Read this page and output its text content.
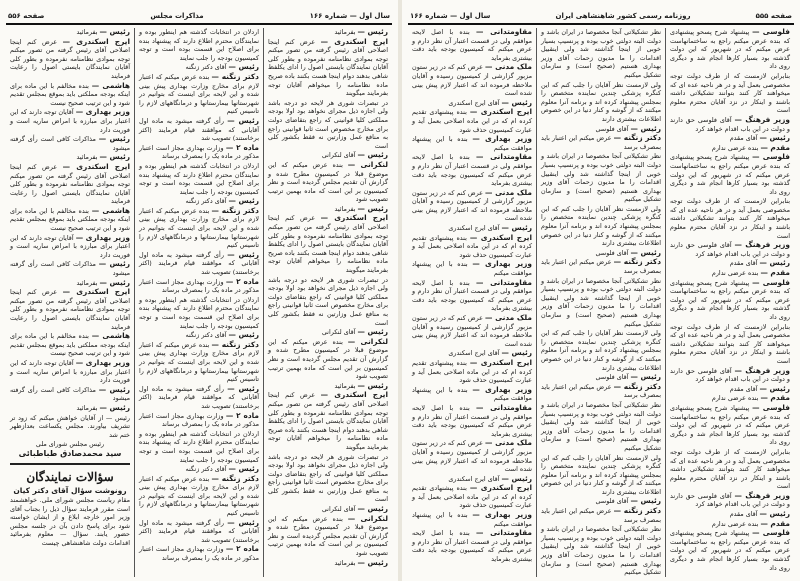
سال اول — شماره ۱۶۶
مذاکرات مجلس
صفحه ۵۵۶

رئیس — بفرمائید

ایرج اسکندری — عرض کنم اینجا اصلاحی آقای رئیس گرفته من تصور میکنم توجه بموادی نظامنامه نفرموده و بطور کلی آقایان نمایندگان بایستی اصول را ادای یکلفظ شاهی بدهند دوام اینجا هست بکنند باده صریح ماده نظامنامه را میخواهم آقایان توجه بفرمایند میگویند

در تبصرات شوری هر لایحه دو درجه باشد ولی اجازه ذیل مجرای نخواهد بود اولا بودجه مملکتی کلیا قوانینی که راجع بتقاضای دولت برای مخارج مخصوص است ثانیا قوانینی راجع به منافع عمل وزارتین نه فقط بکشور کلی است

رئیس — آقای لنکرانی

لنکرانی — بنده عرض میکنم که این موضوع قبلا در کمیسیون مطرح شده و گزارش آن تقدیم مجلس گردیده است و نظر کمیسیون بر این است که ماده بهمین ترتیب تصویب شود

رئیس — بفرمائید

ایرج اسکندری — عرض کنم اینجا اصلاحی آقای رئیس گرفته من تصور میکنم توجه بموادی نظامنامه نفرموده و بطور کلی آقایان نمایندگان بایستی اصول را ادای یکلفظ شاهی بدهند دوام اینجا هست بکنند باده صریح ماده نظامنامه را میخواهم آقایان توجه بفرمایند میگویند

در تبصرات شوری هر لایحه دو درجه باشد ولی اجازه ذیل مجرای نخواهد بود اولا بودجه مملکتی کلیا قوانینی که راجع بتقاضای دولت برای مخارج مخصوص است ثانیا قوانینی راجع به منافع عمل وزارتین نه فقط بکشور کلی است

رئیس — آقای لنکرانی

لنکرانی — بنده عرض میکنم که این موضوع قبلا در کمیسیون مطرح شده و گزارش آن تقدیم مجلس گردیده است و نظر کمیسیون بر این است که ماده بهمین ترتیب تصویب شود

رئیس — بفرمائید

ایرج اسکندری — عرض کنم اینجا اصلاحی آقای رئیس گرفته من تصور میکنم توجه بموادی نظامنامه نفرموده و بطور کلی آقایان نمایندگان بایستی اصول را ادای یکلفظ شاهی بدهند دوام اینجا هست بکنند باده صریح ماده نظامنامه را میخواهم آقایان توجه بفرمایند میگویند

در تبصرات شوری هر لایحه دو درجه باشد ولی اجازه ذیل مجرای نخواهد بود اولا بودجه مملکتی کلیا قوانینی که راجع بتقاضای دولت برای مخارج مخصوص است ثانیا قوانینی راجع به منافع عمل وزارتین نه فقط بکشور کلی است

رئیس — آقای لنکرانی

لنکرانی — بنده عرض میکنم که این موضوع قبلا در کمیسیون مطرح شده و گزارش آن تقدیم مجلس گردیده است و نظر کمیسیون بر این است که ماده بهمین ترتیب تصویب شود

رئیس — بفرمائید

اردلان در انتخابات گذشته هم اینطور بوده و نمایندگان محترم اطلاع دارند که پیشنهاد بنده برای اصلاح این قسمت بوده است و توجه کمیسیون بودجه را جلب نمایند

رئیس — آقای دکتر زنگنه

دکتر زنگنه — بنده عرض میکنم که اعتبار لازم برای مخارج وزارت بهداری پیش بینی شده و این لایحه برای اینست که بتوانیم در شهرستانها بیمارستانها و درمانگاههای لازم را تاسیس کنیم

رئیس — رأی گرفته میشود به ماده اول آقایانی که موافقند قیام فرمایند (اکثر برخاستند) تصویب شد

ماده ۲ — وزارت بهداری مجاز است اعتبار مذکور در ماده یک را بمصرف برساند

اردلان در انتخابات گذشته هم اینطور بوده و نمایندگان محترم اطلاع دارند که پیشنهاد بنده برای اصلاح این قسمت بوده است و توجه کمیسیون بودجه را جلب نمایند

رئیس — آقای دکتر زنگنه

دکتر زنگنه — بنده عرض میکنم که اعتبار لازم برای مخارج وزارت بهداری پیش بینی شده و این لایحه برای اینست که بتوانیم در شهرستانها بیمارستانها و درمانگاههای لازم را تاسیس کنیم

رئیس — رأی گرفته میشود به ماده اول آقایانی که موافقند قیام فرمایند (اکثر برخاستند) تصویب شد

ماده ۲ — وزارت بهداری مجاز است اعتبار مذکور در ماده یک را بمصرف برساند

اردلان در انتخابات گذشته هم اینطور بوده و نمایندگان محترم اطلاع دارند که پیشنهاد بنده برای اصلاح این قسمت بوده است و توجه کمیسیون بودجه را جلب نمایند

رئیس — آقای دکتر زنگنه

دکتر زنگنه — بنده عرض میکنم که اعتبار لازم برای مخارج وزارت بهداری پیش بینی شده و این لایحه برای اینست که بتوانیم در شهرستانها بیمارستانها و درمانگاههای لازم را تاسیس کنیم

رئیس — رأی گرفته میشود به ماده اول آقایانی که موافقند قیام فرمایند (اکثر برخاستند) تصویب شد

ماده ۲ — وزارت بهداری مجاز است اعتبار مذکور در ماده یک را بمصرف برساند

اردلان در انتخابات گذشته هم اینطور بوده و نمایندگان محترم اطلاع دارند که پیشنهاد بنده برای اصلاح این قسمت بوده است و توجه کمیسیون بودجه را جلب نمایند

رئیس — آقای دکتر زنگنه

دکتر زنگنه — بنده عرض میکنم که اعتبار لازم برای مخارج وزارت بهداری پیش بینی شده و این لایحه برای اینست که بتوانیم در شهرستانها بیمارستانها و درمانگاههای لازم را تاسیس کنیم

رئیس — رأی گرفته میشود به ماده اول آقایانی که موافقند قیام فرمایند (اکثر برخاستند) تصویب شد

ماده ۲ — وزارت بهداری مجاز است اعتبار مذکور در ماده یک را بمصرف برساند

رئیس — بفرمائید

ایرج اسکندری — عرض کنم اینجا اصلاحی آقای رئیس گرفته من تصور میکنم توجه بموادی نظامنامه نفرموده و بطور کلی آقایان نمایندگان بایستی اصول را رعایت فرمایند

هاشمی — بنده مخالفم با این ماده برای اینکه بودجه مملکتی باید بموقع بمجلس تقدیم شود و این ترتیب صحیح نیست

وزیر بهداری — آقایان توجه دارند که این اعتبار برای مبارزه با امراض ساریه است و فوریت دارد

رئیس — مذاکرات کافی است رأی گرفته میشود

رئیس — بفرمائید

ایرج اسکندری — عرض کنم اینجا اصلاحی آقای رئیس گرفته من تصور میکنم توجه بموادی نظامنامه نفرموده و بطور کلی آقایان نمایندگان بایستی اصول را رعایت فرمایند

هاشمی — بنده مخالفم با این ماده برای اینکه بودجه مملکتی باید بموقع بمجلس تقدیم شود و این ترتیب صحیح نیست

وزیر بهداری — آقایان توجه دارند که این اعتبار برای مبارزه با امراض ساریه است و فوریت دارد

رئیس — مذاکرات کافی است رأی گرفته میشود

رئیس — بفرمائید

ایرج اسکندری — عرض کنم اینجا اصلاحی آقای رئیس گرفته من تصور میکنم توجه بموادی نظامنامه نفرموده و بطور کلی آقایان نمایندگان بایستی اصول را رعایت فرمایند

هاشمی — بنده مخالفم با این ماده برای اینکه بودجه مملکتی باید بموقع بمجلس تقدیم شود و این ترتیب صحیح نیست

وزیر بهداری — آقایان توجه دارند که این اعتبار برای مبارزه با امراض ساریه است و فوریت دارد

رئیس — مذاکرات کافی است رأی گرفته میشود

رئیس — بفرمائید

رئیس — از آقایان خواهش میکنم که زود تر تشریف بیاورند. مجلس یکساعت بعدازظهر ختم شد

رئیس مجلس شورای ملی

سید محمدصادق طباطبائی

سؤالات نمایندگان

رونوشت سؤال آقای دکتر کیان

مقام ریاست مجلس شورای ملی. خواهشمند است مقرر فرمایند سؤال ذیل را بجناب آقای وزیر امور خارجه ابلاغ و از ایشان خواسته شود برای پاسخ دادن بآن در جلسه مجلس حضور یابند. سؤال — معلوم بفرمائید اقدامات دولت شاهنشاهی چیست

صفحه ۵۵۵
روزنامه رسمی کشور شاهنشاهی ایران
سال اول — شماره ۱۶۶

فلوسی — پیشنهاد شرح پسحو پیشنهادی که بنده عرض میکنم راجع به ساختمانهاست عرض میکنم که در شهریور که این دولت گذشته بود بسیار کارها انجام شد و دیگری روی داد

بنابراین لازمست که از طرف دولت توجه مخصوصی بعمل آید و در هر ناحیه عده ای که میخواهند کار کنند بتوانند تشکیلاتی داشته باشند و اینکار در نزد آقایان محترم معلوم است

وزیر فرهنگ — آقای فلوسی حق دارند و دولت در این باب اقدام خواهد کرد

رئیس — آقای مقدم

مقدم — بنده عرضی ندارم

فلوسی — پیشنهاد شرح پسحو پیشنهادی که بنده عرض میکنم راجع به ساختمانهاست عرض میکنم که در شهریور که این دولت گذشته بود بسیار کارها انجام شد و دیگری روی داد

بنابراین لازمست که از طرف دولت توجه مخصوصی بعمل آید و در هر ناحیه عده ای که میخواهند کار کنند بتوانند تشکیلاتی داشته باشند و اینکار در نزد آقایان محترم معلوم است

وزیر فرهنگ — آقای فلوسی حق دارند و دولت در این باب اقدام خواهد کرد

رئیس — آقای مقدم

مقدم — بنده عرضی ندارم

فلوسی — پیشنهاد شرح پسحو پیشنهادی که بنده عرض میکنم راجع به ساختمانهاست عرض میکنم که در شهریور که این دولت گذشته بود بسیار کارها انجام شد و دیگری روی داد

بنابراین لازمست که از طرف دولت توجه مخصوصی بعمل آید و در هر ناحیه عده ای که میخواهند کار کنند بتوانند تشکیلاتی داشته باشند و اینکار در نزد آقایان محترم معلوم است

وزیر فرهنگ — آقای فلوسی حق دارند و دولت در این باب اقدام خواهد کرد

رئیس — آقای مقدم

مقدم — بنده عرضی ندارم

فلوسی — پیشنهاد شرح پسحو پیشنهادی که بنده عرض میکنم راجع به ساختمانهاست عرض میکنم که در شهریور که این دولت گذشته بود بسیار کارها انجام شد و دیگری روی داد

بنابراین لازمست که از طرف دولت توجه مخصوصی بعمل آید و در هر ناحیه عده ای که میخواهند کار کنند بتوانند تشکیلاتی داشته باشند و اینکار در نزد آقایان محترم معلوم است

وزیر فرهنگ — آقای فلوسی حق دارند و دولت در این باب اقدام خواهد کرد

رئیس — آقای مقدم

مقدم — بنده عرضی ندارم

فلوسی — پیشنهاد شرح پسحو پیشنهادی که بنده عرض میکنم راجع به ساختمانهاست عرض میکنم که در شهریور که این دولت گذشته بود بسیار کارها انجام شد و دیگری روی داد

نظر تشکیلاتی آنجا مخصوصا در ایران باشد و دولت البته دولتی خوب بوده و پرنسیپ بسیار خوبی از اینجا گذاشته شد ولی اینقبیل اقدامات را ما مدیون زحمات آقای وزیر بهداری هستیم (صحیح است) و سازمان تشکیل میکنیم

ولی لازمست نظر آقایان را جلب کنم که این کنگره پزشکی چندین نماینده متخصص را بمجلس پیشنهاد کرده اند و برنامه آنرا معلوم میکنند که از گوشه و کنار دنیا در این خصوص اطلاعات بیشتری دارند

رئیس — آقای فلوسی

دکتر زنگنه — عرض میکنم این اعتبار باید بمصرف برسد

نظر تشکیلاتی آنجا مخصوصا در ایران باشد و دولت البته دولتی خوب بوده و پرنسیپ بسیار خوبی از اینجا گذاشته شد ولی اینقبیل اقدامات را ما مدیون زحمات آقای وزیر بهداری هستیم (صحیح است) و سازمان تشکیل میکنیم

ولی لازمست نظر آقایان را جلب کنم که این کنگره پزشکی چندین نماینده متخصص را بمجلس پیشنهاد کرده اند و برنامه آنرا معلوم میکنند که از گوشه و کنار دنیا در این خصوص اطلاعات بیشتری دارند

رئیس — آقای فلوسی

دکتر زنگنه — عرض میکنم این اعتبار باید بمصرف برسد

نظر تشکیلاتی آنجا مخصوصا در ایران باشد و دولت البته دولتی خوب بوده و پرنسیپ بسیار خوبی از اینجا گذاشته شد ولی اینقبیل اقدامات را ما مدیون زحمات آقای وزیر بهداری هستیم (صحیح است) و سازمان تشکیل میکنیم

ولی لازمست نظر آقایان را جلب کنم که این کنگره پزشکی چندین نماینده متخصص را بمجلس پیشنهاد کرده اند و برنامه آنرا معلوم میکنند که از گوشه و کنار دنیا در این خصوص اطلاعات بیشتری دارند

رئیس — آقای فلوسی

دکتر زنگنه — عرض میکنم این اعتبار باید بمصرف برسد

نظر تشکیلاتی آنجا مخصوصا در ایران باشد و دولت البته دولتی خوب بوده و پرنسیپ بسیار خوبی از اینجا گذاشته شد ولی اینقبیل اقدامات را ما مدیون زحمات آقای وزیر بهداری هستیم (صحیح است) و سازمان تشکیل میکنیم

ولی لازمست نظر آقایان را جلب کنم که این کنگره پزشکی چندین نماینده متخصص را بمجلس پیشنهاد کرده اند و برنامه آنرا معلوم میکنند که از گوشه و کنار دنیا در این خصوص اطلاعات بیشتری دارند

رئیس — آقای فلوسی

دکتر زنگنه — عرض میکنم این اعتبار باید بمصرف برسد

نظر تشکیلاتی آنجا مخصوصا در ایران باشد و دولت البته دولتی خوب بوده و پرنسیپ بسیار خوبی از اینجا گذاشته شد ولی اینقبیل اقدامات را ما مدیون زحمات آقای وزیر بهداری هستیم (صحیح است) و سازمان تشکیل میکنیم

مقاومتدانی — بنده با اصل لایحه موافقم ولی در قسمت اعتبار آن نظر دارم و عرض میکنم که کمیسیون بودجه باید دقت بیشتری بفرماید

ملک مدنی — عرض کنم که در زیر ستون مزبور گزارشی از کمیسیون رسیده و آقایان ملاحظه فرموده اند که اعتبار لازم پیش بینی شده است

رئیس — آقای ایرج اسکندری

ایرج اسکندری — بنده پیشنهادی تقدیم کرده ام که در این ماده اصلاحی بعمل آید و عبارت کمیسیون حذف شود

وزیر بهداری — بنده با این پیشنهاد موافقت میکنم

مقاومتدانی — بنده با اصل لایحه موافقم ولی در قسمت اعتبار آن نظر دارم و عرض میکنم که کمیسیون بودجه باید دقت بیشتری بفرماید

ملک مدنی — عرض کنم که در زیر ستون مزبور گزارشی از کمیسیون رسیده و آقایان ملاحظه فرموده اند که اعتبار لازم پیش بینی شده است

رئیس — آقای ایرج اسکندری

ایرج اسکندری — بنده پیشنهادی تقدیم کرده ام که در این ماده اصلاحی بعمل آید و عبارت کمیسیون حذف شود

وزیر بهداری — بنده با این پیشنهاد موافقت میکنم

مقاومتدانی — بنده با اصل لایحه موافقم ولی در قسمت اعتبار آن نظر دارم و عرض میکنم که کمیسیون بودجه باید دقت بیشتری بفرماید

ملک مدنی — عرض کنم که در زیر ستون مزبور گزارشی از کمیسیون رسیده و آقایان ملاحظه فرموده اند که اعتبار لازم پیش بینی شده است

رئیس — آقای ایرج اسکندری

ایرج اسکندری — بنده پیشنهادی تقدیم کرده ام که در این ماده اصلاحی بعمل آید و عبارت کمیسیون حذف شود

وزیر بهداری — بنده با این پیشنهاد موافقت میکنم

مقاومتدانی — بنده با اصل لایحه موافقم ولی در قسمت اعتبار آن نظر دارم و عرض میکنم که کمیسیون بودجه باید دقت بیشتری بفرماید

ملک مدنی — عرض کنم که در زیر ستون مزبور گزارشی از کمیسیون رسیده و آقایان ملاحظه فرموده اند که اعتبار لازم پیش بینی شده است

رئیس — آقای ایرج اسکندری

ایرج اسکندری — بنده پیشنهادی تقدیم کرده ام که در این ماده اصلاحی بعمل آید و عبارت کمیسیون حذف شود

وزیر بهداری — بنده با این پیشنهاد موافقت میکنم

مقاومتدانی — بنده با اصل لایحه موافقم ولی در قسمت اعتبار آن نظر دارم و عرض میکنم که کمیسیون بودجه باید دقت بیشتری بفرماید
